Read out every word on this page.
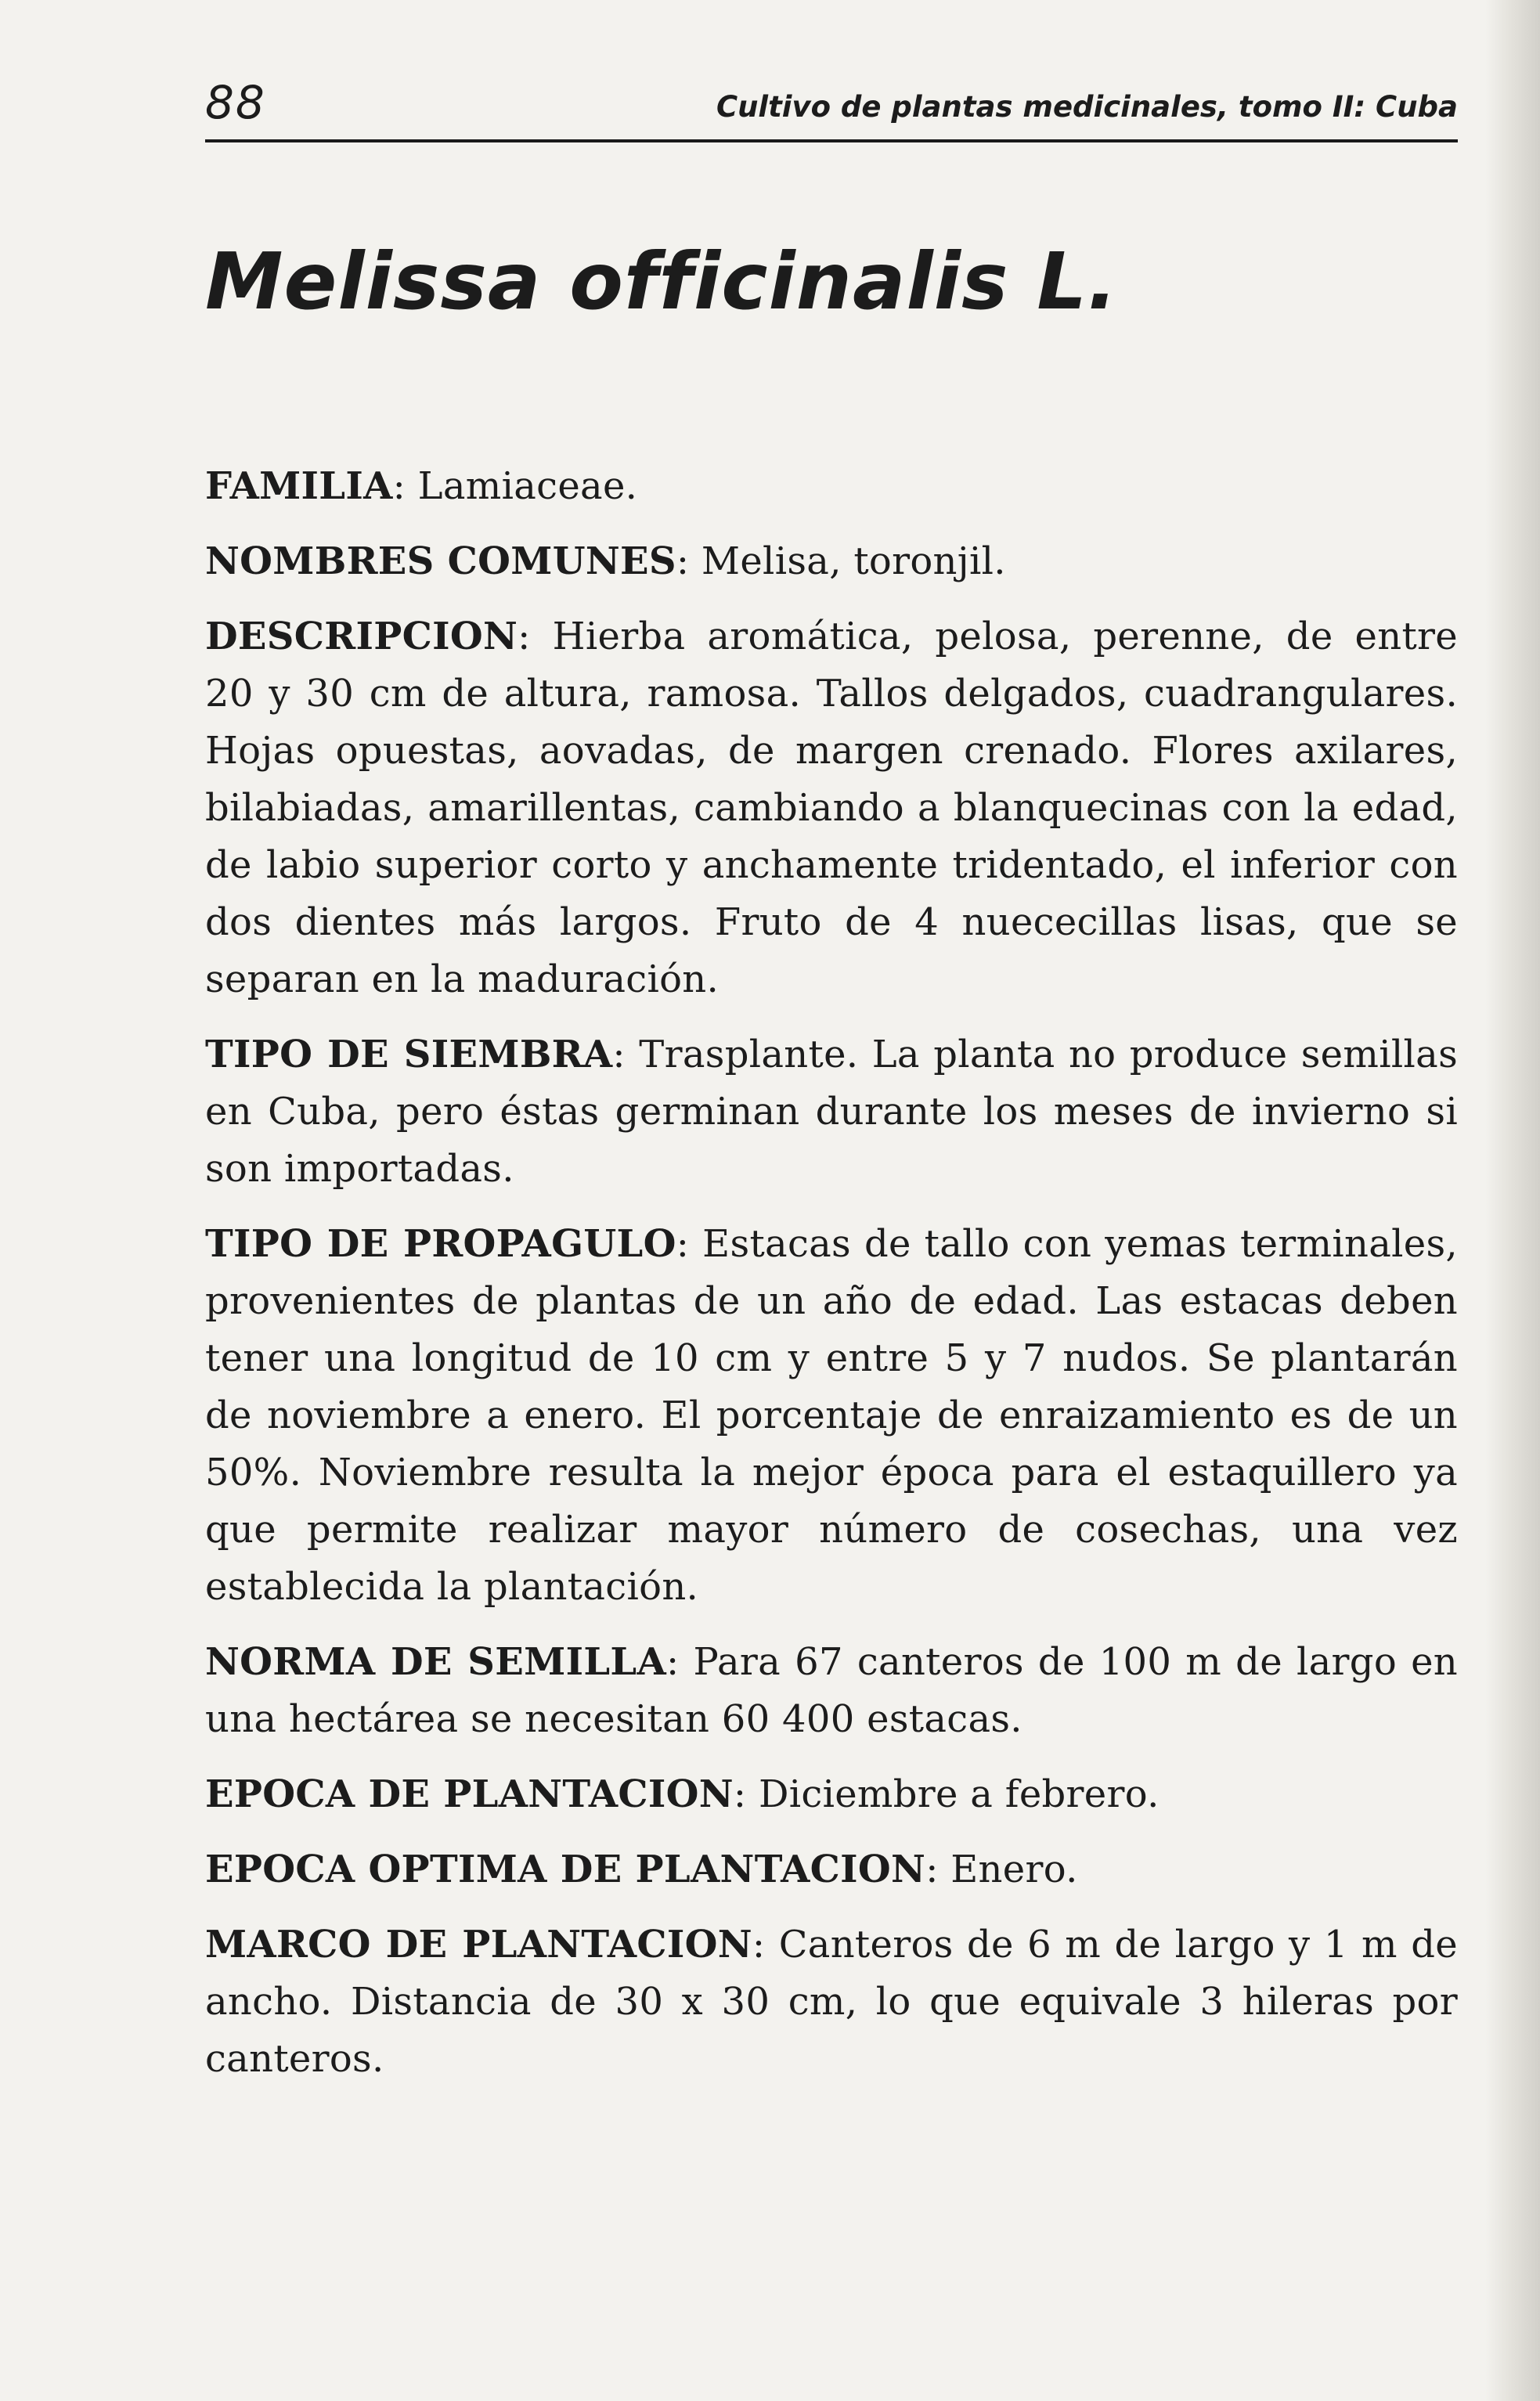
88	Cultivo de plantas medicinales, tomo II: Cuba
Melissa officinalis L.

FAMILIA: Lamiaceae.

NOMBRES COMUNES: Melisa, toronjil.

DESCRIPCION: Hierba aromática, pelosa, perenne, de entre 20 y 30 cm de altura, ramosa. Tallos delgados, cuadrangulares. Hojas opuestas, aovadas, de margen crenado. Flores axilares, bilabiadas, amarillentas, cambiando a blanquecinas con la edad, de labio superior corto y anchamente tridentado, el inferior con dos dientes más largos. Fruto de 4 nuececillas lisas, que se separan en la maduración.

TIPO DE SIEMBRA: Trasplante. La planta no produce semillas en Cuba, pero éstas germinan durante los meses de invierno si son importadas.

TIPO DE PROPAGULO: Estacas de tallo con yemas terminales, provenientes de plantas de un año de edad. Las estacas deben tener una longitud de 10 cm y entre 5 y 7 nudos. Se plantarán de noviembre a enero. El porcentaje de enraizamiento es de un 50%. Noviembre resulta la mejor época para el estaquillero ya que permite realizar mayor número de cosechas, una vez establecida la plantación.

NORMA DE SEMILLA: Para 67 canteros de 100 m de largo en una hectárea se necesitan 60 400 estacas.

EPOCA DE PLANTACION: Diciembre a febrero.

EPOCA OPTIMA DE PLANTACION: Enero.

MARCO DE PLANTACION: Canteros de 6 m de largo y 1 m de ancho. Distancia de 30 x 30 cm, lo que equivale 3 hileras por canteros.
